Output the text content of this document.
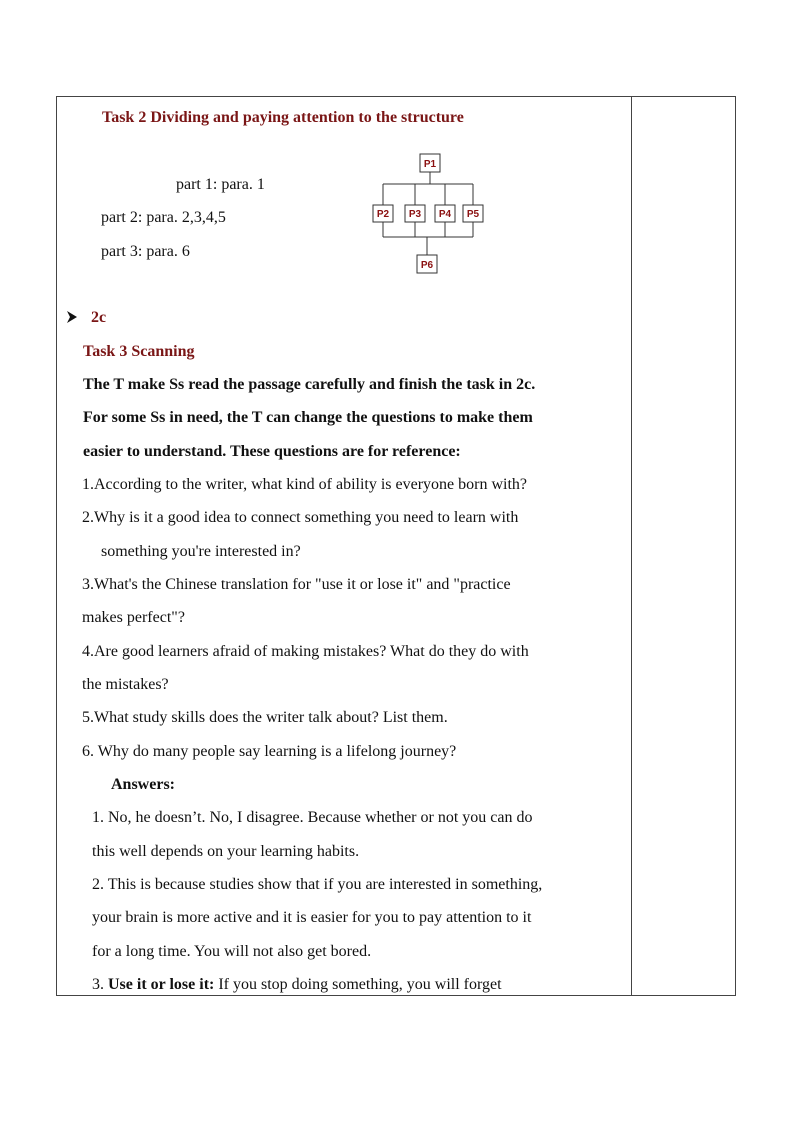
Task 2 Dividing and paying attention to the structure
part 1: para. 1
part 2: para. 2,3,4,5
part 3: para. 6
P1
P2 P3 P4 P5
P6
2c
Task 3 Scanning
The T make Ss read the passage carefully and finish the task in 2c.
For some Ss in need, the T can change the questions to make them
easier to understand. These questions are for reference:
1.According to the writer, what kind of ability is everyone born with?
2.Why is it a good idea to connect something you need to learn with
something you're interested in?
3.What's the Chinese translation for "use it or lose it" and "practice
makes perfect"?
4.Are good learners afraid of making mistakes? What do they do with
the mistakes?
5.What study skills does the writer talk about? List them.
6. Why do many people say learning is a lifelong journey?
Answers:
1. No, he doesn’t. No, I disagree. Because whether or not you can do
this well depends on your learning habits.
2. This is because studies show that if you are interested in something,
your brain is more active and it is easier for you to pay attention to it
for a long time. You will not also get bored.
3. Use it or lose it: If you stop doing something, you will forget
